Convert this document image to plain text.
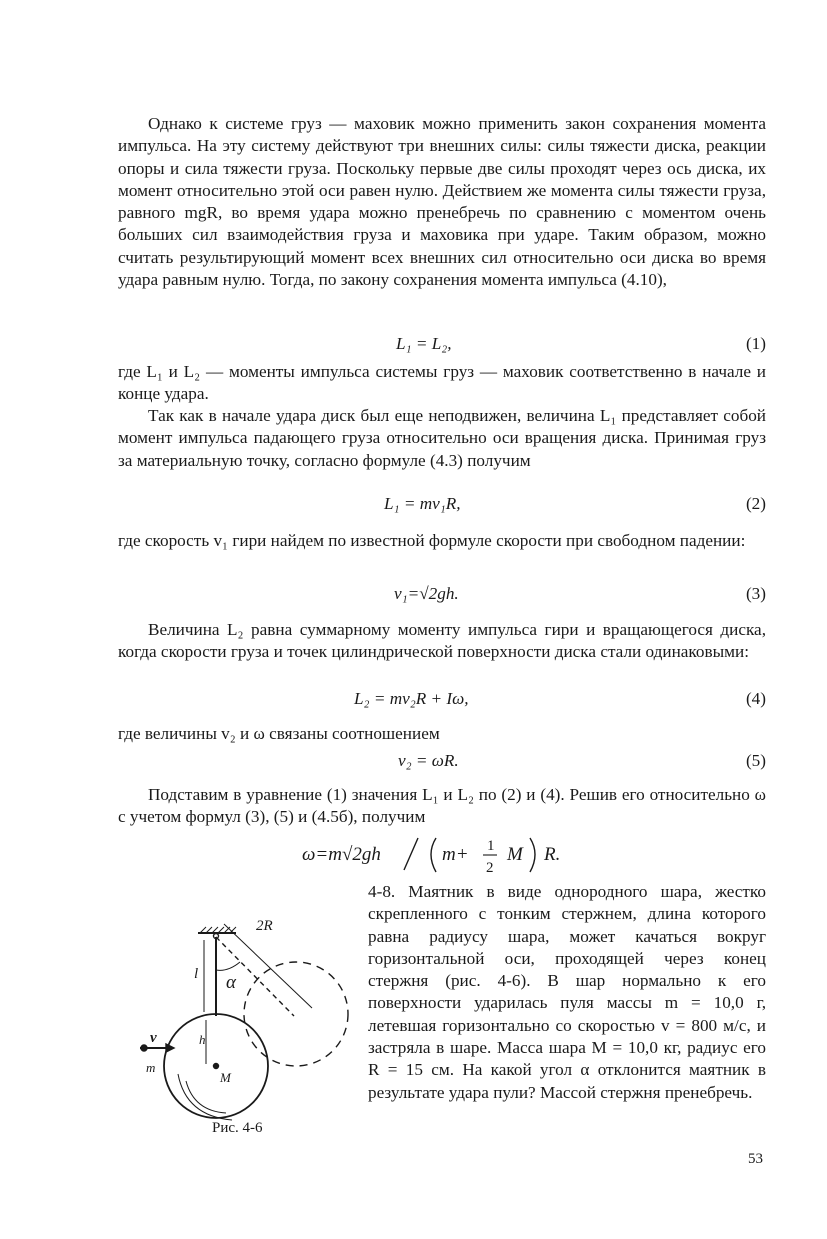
Однако к системе груз — маховик можно применить закон сохранения момента импульса. На эту систему действуют три внешних силы: силы тяжести диска, реакции опоры и сила тяжести груза. Поскольку первые две силы проходят через ось диска, их момент относительно этой оси равен нулю. Действием же момента силы тяжести груза, равного mgR, во время удара можно пренебречь по сравнению с моментом очень больших сил взаимодействия груза и маховика при ударе. Таким образом, можно считать результирующий момент всех внешних сил относительно оси диска во время удара равным нулю. Тогда, по закону сохранения момента импульса (4.10),

L₁ = L₂,	(1)

где L₁ и L₂ — моменты импульса системы груз — маховик соответственно в начале и конце удара.

Так как в начале удара диск был еще неподвижен, величина L₁ представляет собой момент импульса падающего груза относительно оси вращения диска. Принимая груз за материальную точку, согласно формуле (4.3) получим

L₁ = mv₁R,	(2)

где скорость v₁ гири найдем по известной формуле скорости при свободном падении:

v₁=√2gh.	(3)

Величина L₂ равна суммарному моменту импульса гири и вращающегося диска, когда скорости груза и точек цилиндрической поверхности диска стали одинаковыми:

L₂ = mv₂R + Iω,	(4)

где величины v₂ и ω связаны соотношением

v₂ = ωR.	(5)

Подставим в уравнение (1) значения L₁ и L₂ по (2) и (4). Решив его относительно ω с учетом формул (3), (5) и (4.5б), получим

ω=m√2gh	m+ 1
2
M R.
2R
l α
h
v
m
M
Рис. 4-6

4-8. Маятник в виде однородного шара, жестко скрепленного с тонким стержнем, длина которого равна радиусу шара, может качаться вокруг горизонтальной оси, проходящей через конец стержня (рис. 4-6). В шар нормально к его поверхности ударилась пуля массы m = 10,0 г, летевшая горизонтально со скоростью v = 800 м/с, и застряла в шаре. Масса шара M = 10,0 кг, радиус его R = 15 см. На какой угол α отклонится маятник в результате удара пули? Массой стержня пренебречь.

53
